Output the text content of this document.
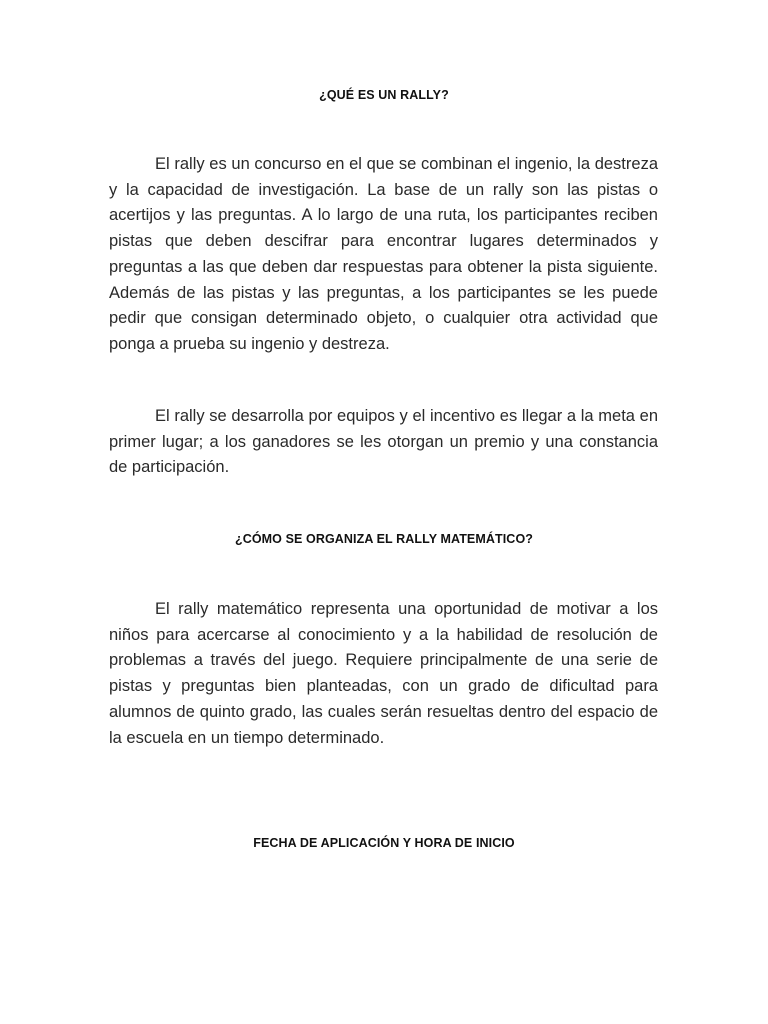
¿QUÉ ES UN RALLY?

El rally es un concurso en el que se combinan el ingenio, la destreza y la capacidad de investigación. La base de un rally son las pistas o acertijos y las preguntas. A lo largo de una ruta, los participantes reciben pistas que deben descifrar para encontrar lugares determinados y preguntas a las que deben dar respuestas para obtener la pista siguiente. Además de las pistas y las preguntas, a los participantes se les puede pedir que consigan determinado objeto, o cualquier otra actividad que ponga a prueba su ingenio y destreza.

El rally se desarrolla por equipos y el incentivo es llegar a la meta en primer lugar; a los ganadores se les otorgan un premio y una constancia de participación.

¿CÓMO SE ORGANIZA EL RALLY MATEMÁTICO?

El rally matemático representa una oportunidad de motivar a los niños para acercarse al conocimiento y a la habilidad de resolución de problemas a través del juego. Requiere principalmente de una serie de pistas y preguntas bien planteadas, con un grado de dificultad para alumnos de quinto grado, las cuales serán resueltas dentro del espacio de la escuela en un tiempo determinado.

FECHA DE APLICACIÓN Y HORA DE INICIO
